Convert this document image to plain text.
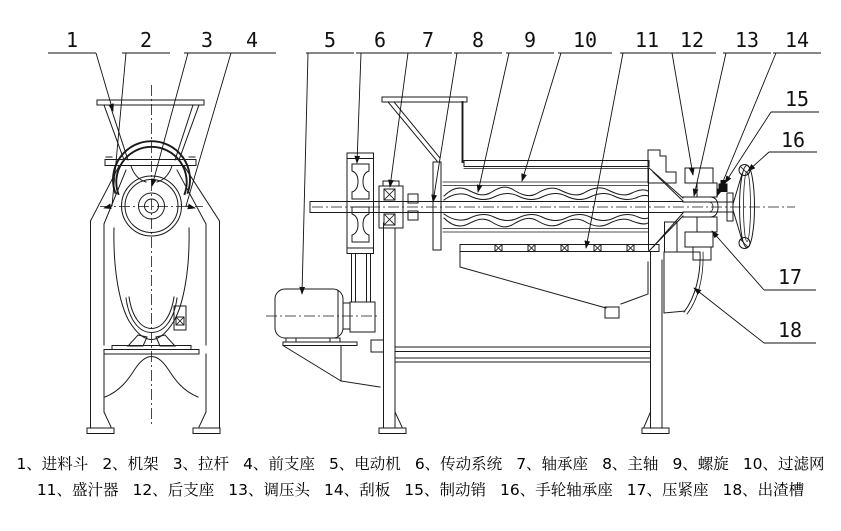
1	2 3 4	5 6 7 8 9 10 11 12 13 14
15
16
17
18
1、进料斗 2、机架 3、拉杆 4、前支座 5、电动机 6、传动系统 7、轴承座 8、主轴 9、螺旋 10、过滤网
11、盛汁器 12、后支座 13、调压头 14、刮板 15、制动销 16、手轮轴承座 17、压紧座 18、出渣槽
